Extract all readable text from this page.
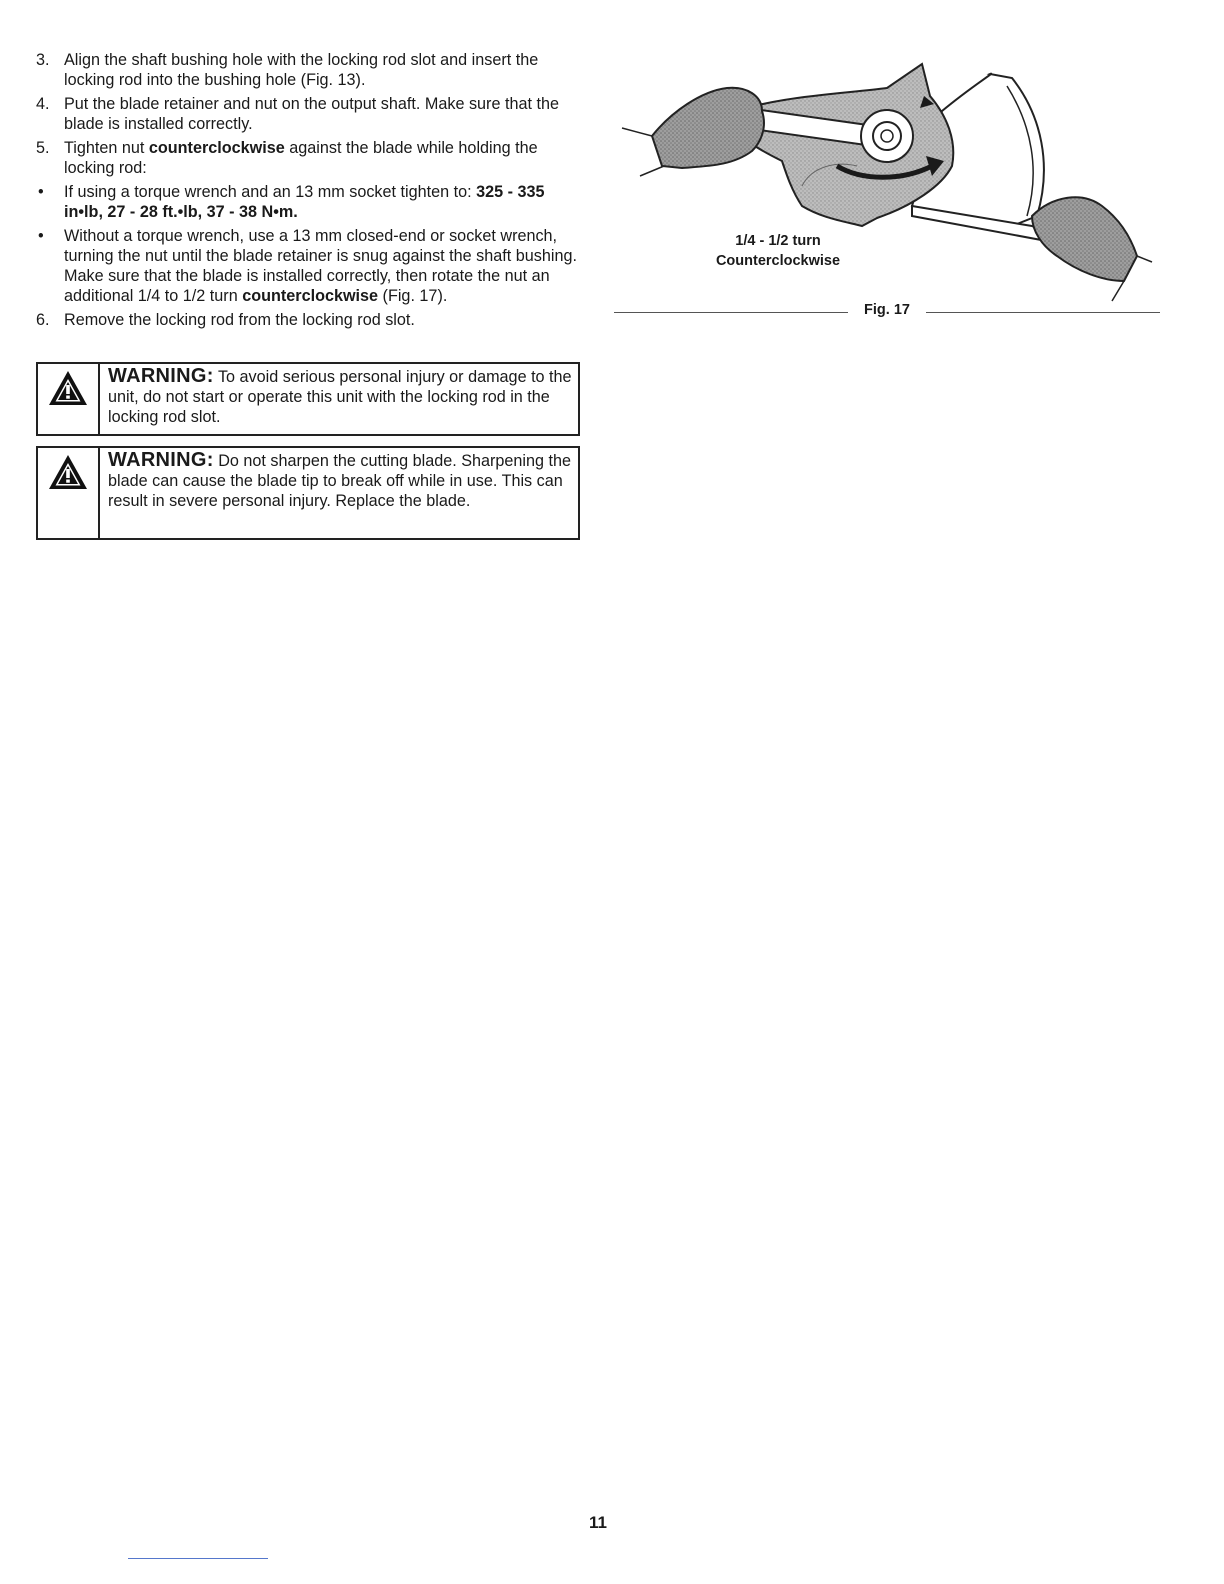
3. Align the shaft bushing hole with the locking rod slot and insert the locking rod into the bushing hole (Fig. 13).
4. Put the blade retainer and nut on the output shaft. Make sure that the blade is installed correctly.
5. Tighten nut counterclockwise against the blade while holding the locking rod:
•	If using a torque wrench and an 13 mm socket tighten to: 325 - 335 in•lb, 27 - 28 ft.•lb, 37 - 38 N•m.
•	Without a torque wrench, use a 13 mm closed-end or socket wrench, turning the nut until the blade retainer is snug against the shaft bushing. Make sure that the blade is installed correctly, then rotate the nut an additional 1/4 to 1/2 turn counterclockwise (Fig. 17).
6. Remove the locking rod from the locking rod slot.
WARNING: To avoid serious personal injury or damage to the unit, do not start or operate this unit with the locking rod in the locking rod slot.
WARNING: Do not sharpen the cutting blade. Sharpening the blade can cause the blade tip to break off while in use. This can result in severe personal injury. Replace the blade.
1/4 - 1/2 turn
Counterclockwise
Fig. 17
11
